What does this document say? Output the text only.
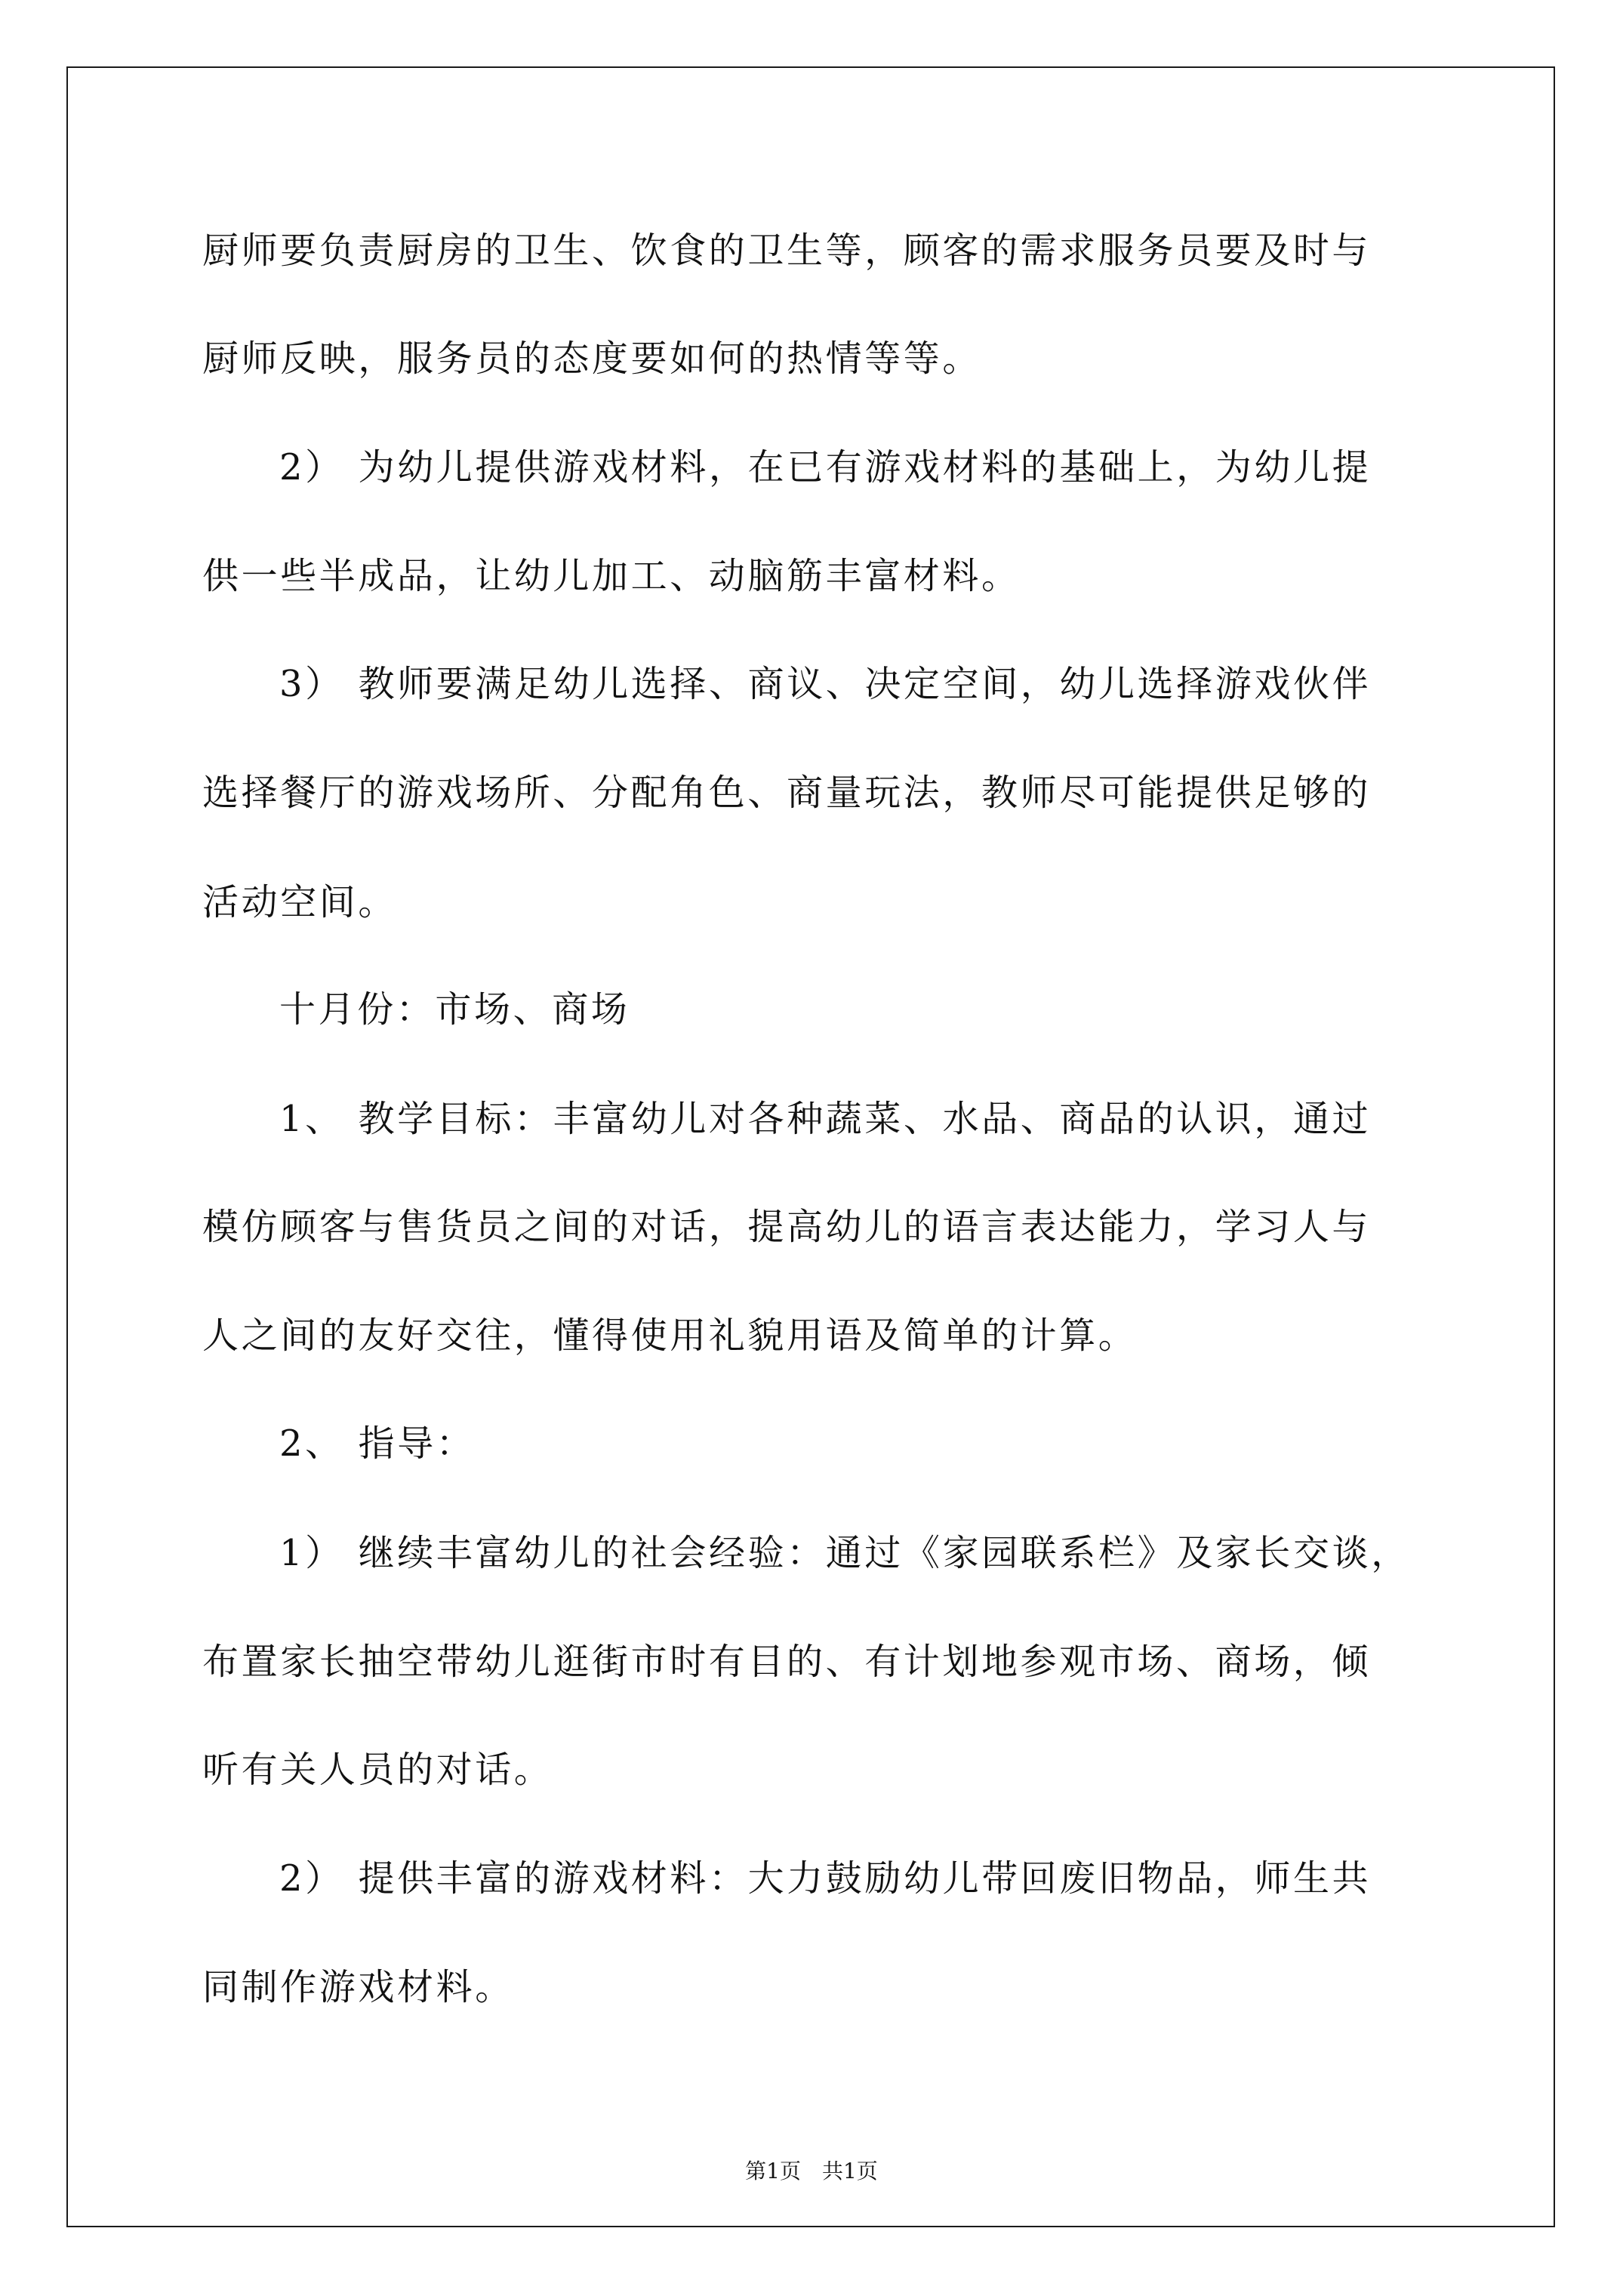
厨师要负责厨房的卫生、饮食的卫生等，顾客的需求服务员要及时与

厨师反映，服务员的态度要如何的热情等等。

2） 为幼儿提供游戏材料，在已有游戏材料的基础上，为幼儿提

供一些半成品，让幼儿加工、动脑筋丰富材料。

3） 教师要满足幼儿选择、商议、决定空间，幼儿选择游戏伙伴

选择餐厅的游戏场所、分配角色、商量玩法，教师尽可能提供足够的

活动空间。

十月份：市场、商场

1、 教学目标：丰富幼儿对各种蔬菜、水品、商品的认识，通过

模仿顾客与售货员之间的对话，提高幼儿的语言表达能力，学习人与

人之间的友好交往，懂得使用礼貌用语及简单的计算。

2、 指导：

1） 继续丰富幼儿的社会经验：通过《家园联系栏》及家长交谈，

布置家长抽空带幼儿逛街市时有目的、有计划地参观市场、商场，倾

听有关人员的对话。

2） 提供丰富的游戏材料：大力鼓励幼儿带回废旧物品，师生共

同制作游戏材料。

第1页　共1页
